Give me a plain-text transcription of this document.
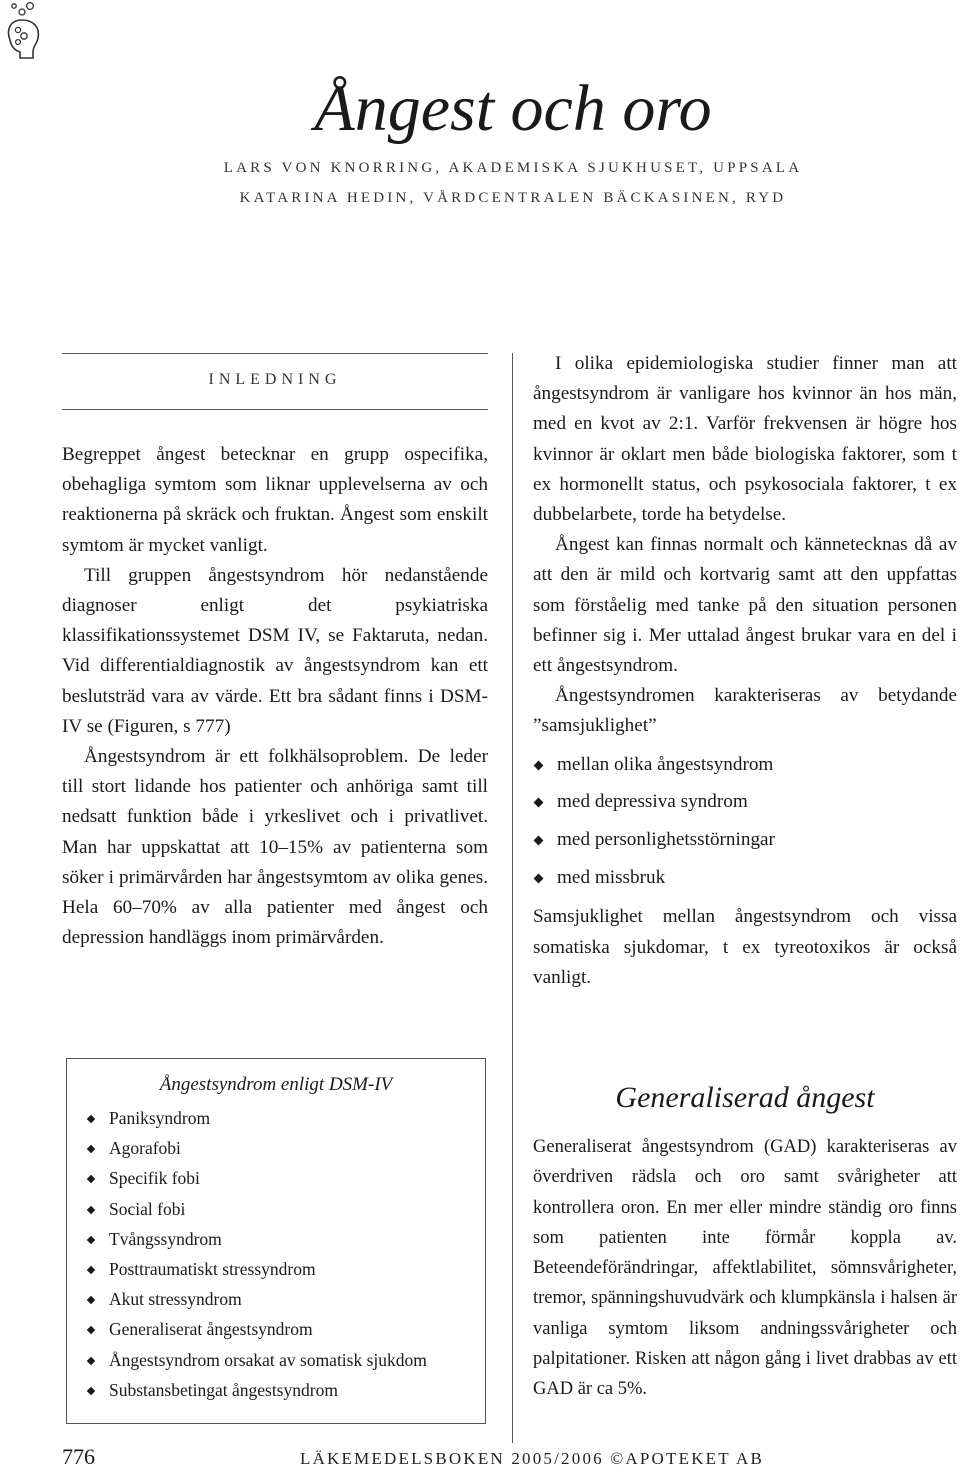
Ångest och oro
LARS VON KNORRING, AKADEMISKA SJUKHUSET, UPPSALA
KATARINA HEDIN, VÅRDCENTRALEN BÄCKASINEN, RYD
INLEDNING

Begreppet ångest betecknar en grupp ospecifika, obehagliga symtom som liknar upplevelserna av och reaktionerna på skräck och fruktan. Ångest som enskilt symtom är mycket vanligt.

Till gruppen ångestsyndrom hör nedanstående diagnoser enligt det psykiatriska klassifikationssystemet DSM IV, se Faktaruta, nedan. Vid differentialdiagnostik av ångestsyndrom kan ett beslutsträd vara av värde. Ett bra sådant finns i DSM-IV se (Figuren, s 777)

Ångestsyndrom är ett folkhälsoproblem. De leder till stort lidande hos patienter och anhöriga samt till nedsatt funktion både i yrkeslivet och i privatlivet. Man har uppskattat att 10–15% av patienterna som söker i primärvården har ångestsymtom av olika genes. Hela 60–70% av alla patienter med ångest och depression handläggs inom primärvården.

I olika epidemiologiska studier finner man att ångestsyndrom är vanligare hos kvinnor än hos män, med en kvot av 2:1. Varför frekvensen är högre hos kvinnor är oklart men både biologiska faktorer, som t ex hormonellt status, och psykosociala faktorer, t ex dubbelarbete, torde ha betydelse.

Ångest kan finnas normalt och kännetecknas då av att den är mild och kortvarig samt att den uppfattas som förståelig med tanke på den situation personen befinner sig i. Mer uttalad ångest brukar vara en del i ett ångestsyndrom.

Ångestsyndromen karakteriseras av betydande ”samsjuklighet”

mellan olika ångestsyndrom
med depressiva syndrom
med personlighetsstörningar
med missbruk

Samsjuklighet mellan ångestsyndrom och vissa somatiska sjukdomar, t ex tyreotoxikos är också vanligt.

Ångestsyndrom enligt DSM-IV
Paniksyndrom
Agorafobi
Specifik fobi
Social fobi
Tvångssyndrom
Posttraumatiskt stressyndrom
Akut stressyndrom
Generaliserat ångestsyndrom
Ångestsyndrom orsakat av somatisk sjukdom
Substansbetingat ångestsyndrom
Generaliserad ångest
Generaliserat ångestsyndrom (GAD) karakteriseras av överdriven rädsla och oro samt svårigheter att kontrollera oron. En mer eller mindre ständig oro finns som patienten inte förmår koppla av. Beteendeförändringar, affektlabilitet, sömnsvårigheter, tremor, spänningshuvudvärk och klumpkänsla i halsen är vanliga symtom liksom andningssvårigheter och palpitationer. Risken att någon gång i livet drabbas av ett GAD är ca 5%.
776	LÄKEMEDELSBOKEN 2005/2006 ©APOTEKET AB
